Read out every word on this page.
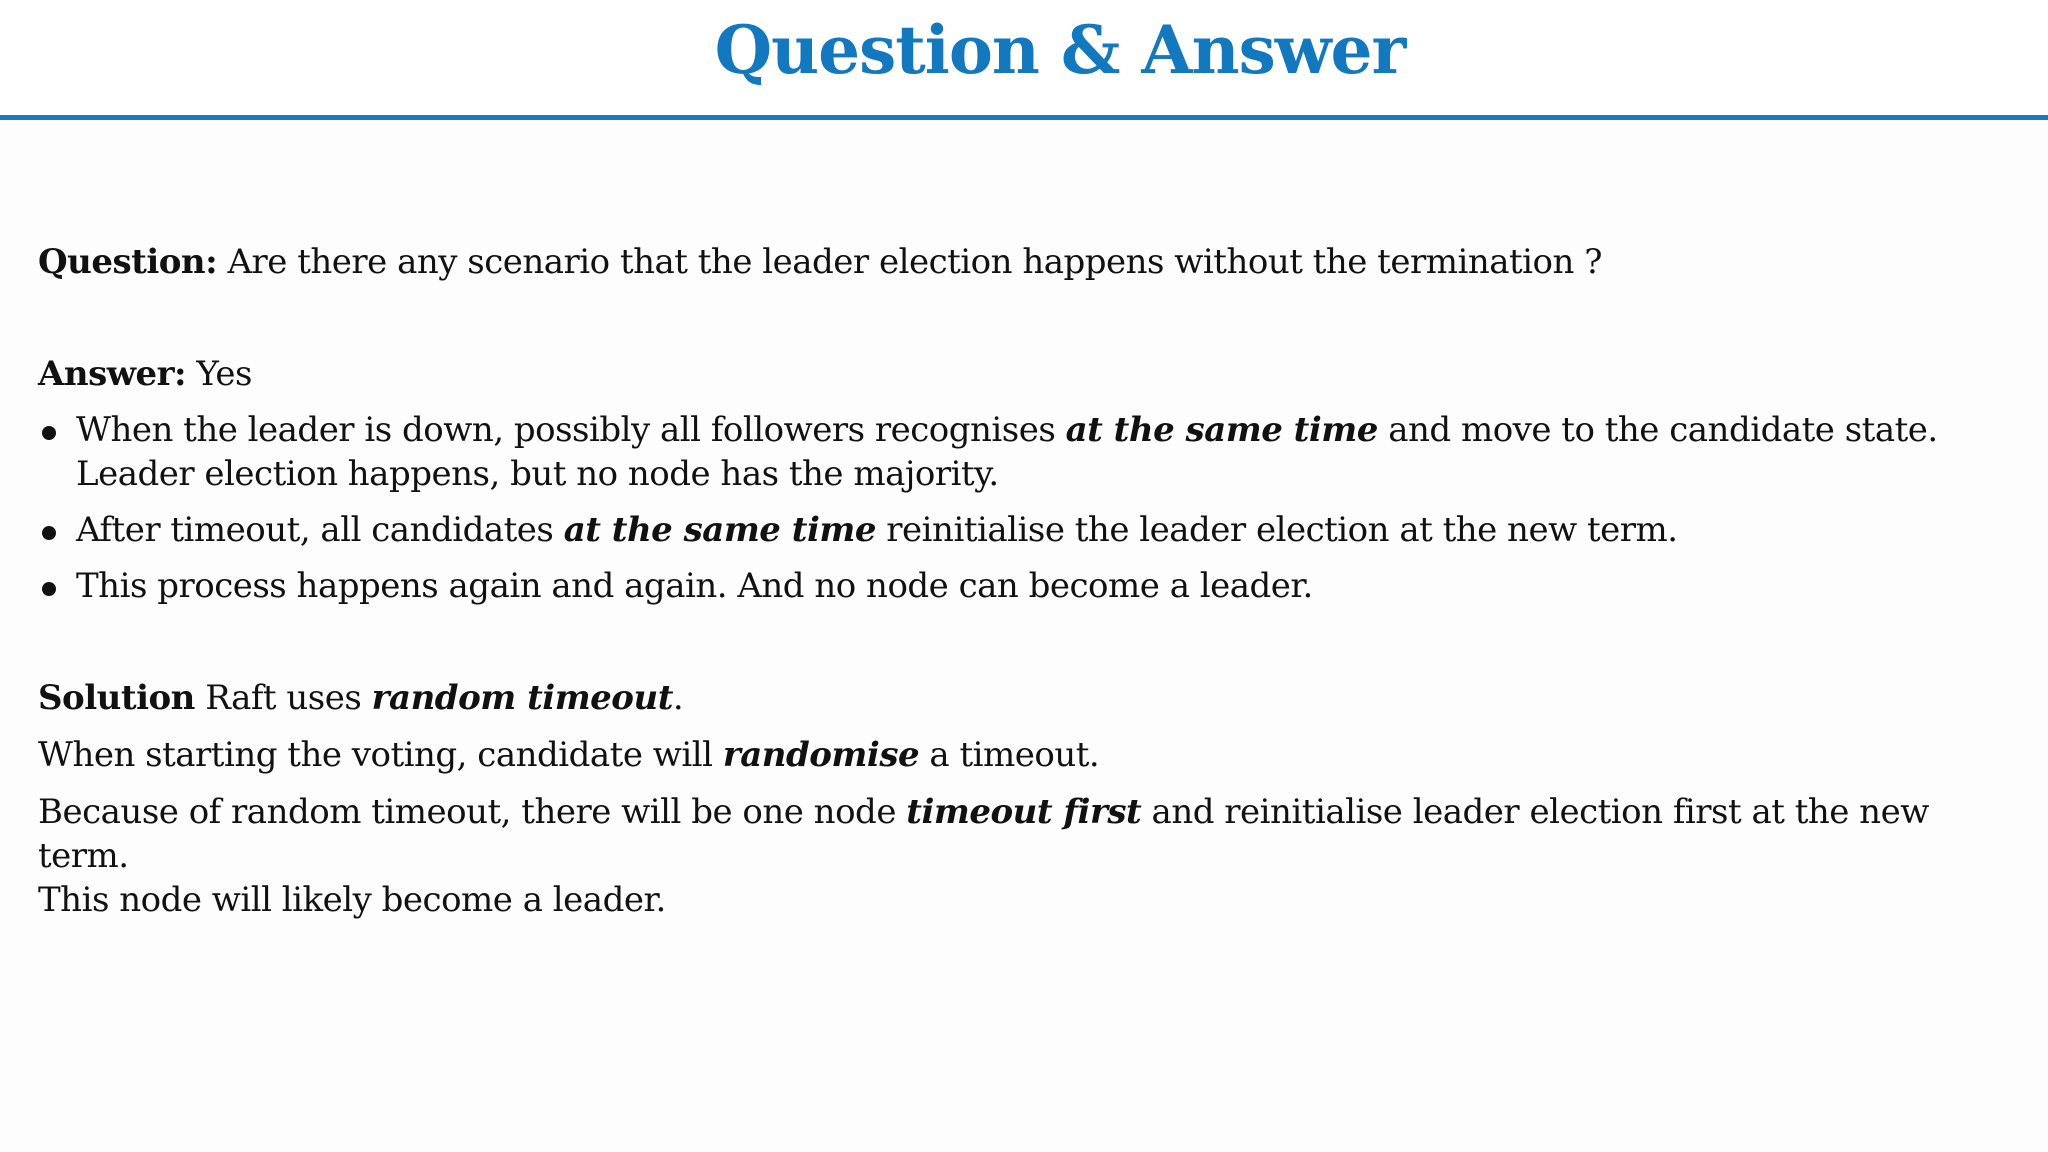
Question & Answer

Question: Are there any scenario that the leader election happens without the termination ?

Answer: Yes

When the leader is down, possibly all followers recognises at the same time and move to the candidate state.
Leader election happens, but no node has the majority.
After timeout, all candidates at the same time reinitialise the leader election at the new term.
This process happens again and again. And no node can become a leader.

Solution Raft uses random timeout.

When starting the voting, candidate will randomise a timeout.

Because of random timeout, there will be one node timeout first and reinitialise leader election first at the new term.
This node will likely become a leader.
